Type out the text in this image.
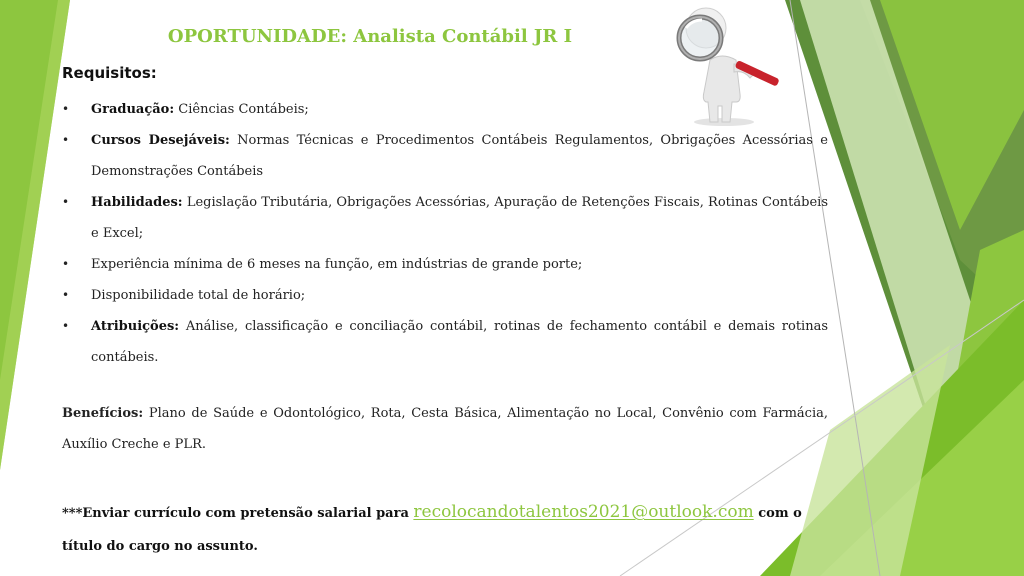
OPORTUNIDADE: Analista Contábil JR I
Requisitos:
• Graduação: Ciências Contábeis;
• Cursos Desejáveis: Normas Técnicas e Procedimentos Contábeis Regulamentos, Obrigações Acessórias e Demonstrações Contábeis
• Habilidades: Legislação Tributária, Obrigações Acessórias, Apuração de Retenções Fiscais, Rotinas Contábeis e Excel;
• Experiência mínima de 6 meses na função, em indústrias de grande porte;
• Disponibilidade total de horário;
• Atribuições: Análise, classificação e conciliação contábil, rotinas de fechamento contábil e demais rotinas contábeis.

Benefícios: Plano de Saúde e Odontológico, Rota, Cesta Básica, Alimentação no Local, Convênio com Farmácia, Auxílio Creche e PLR.

***Enviar currículo com pretensão salarial para recolocandotalentos2021@outlook.com com o título do cargo no assunto.
